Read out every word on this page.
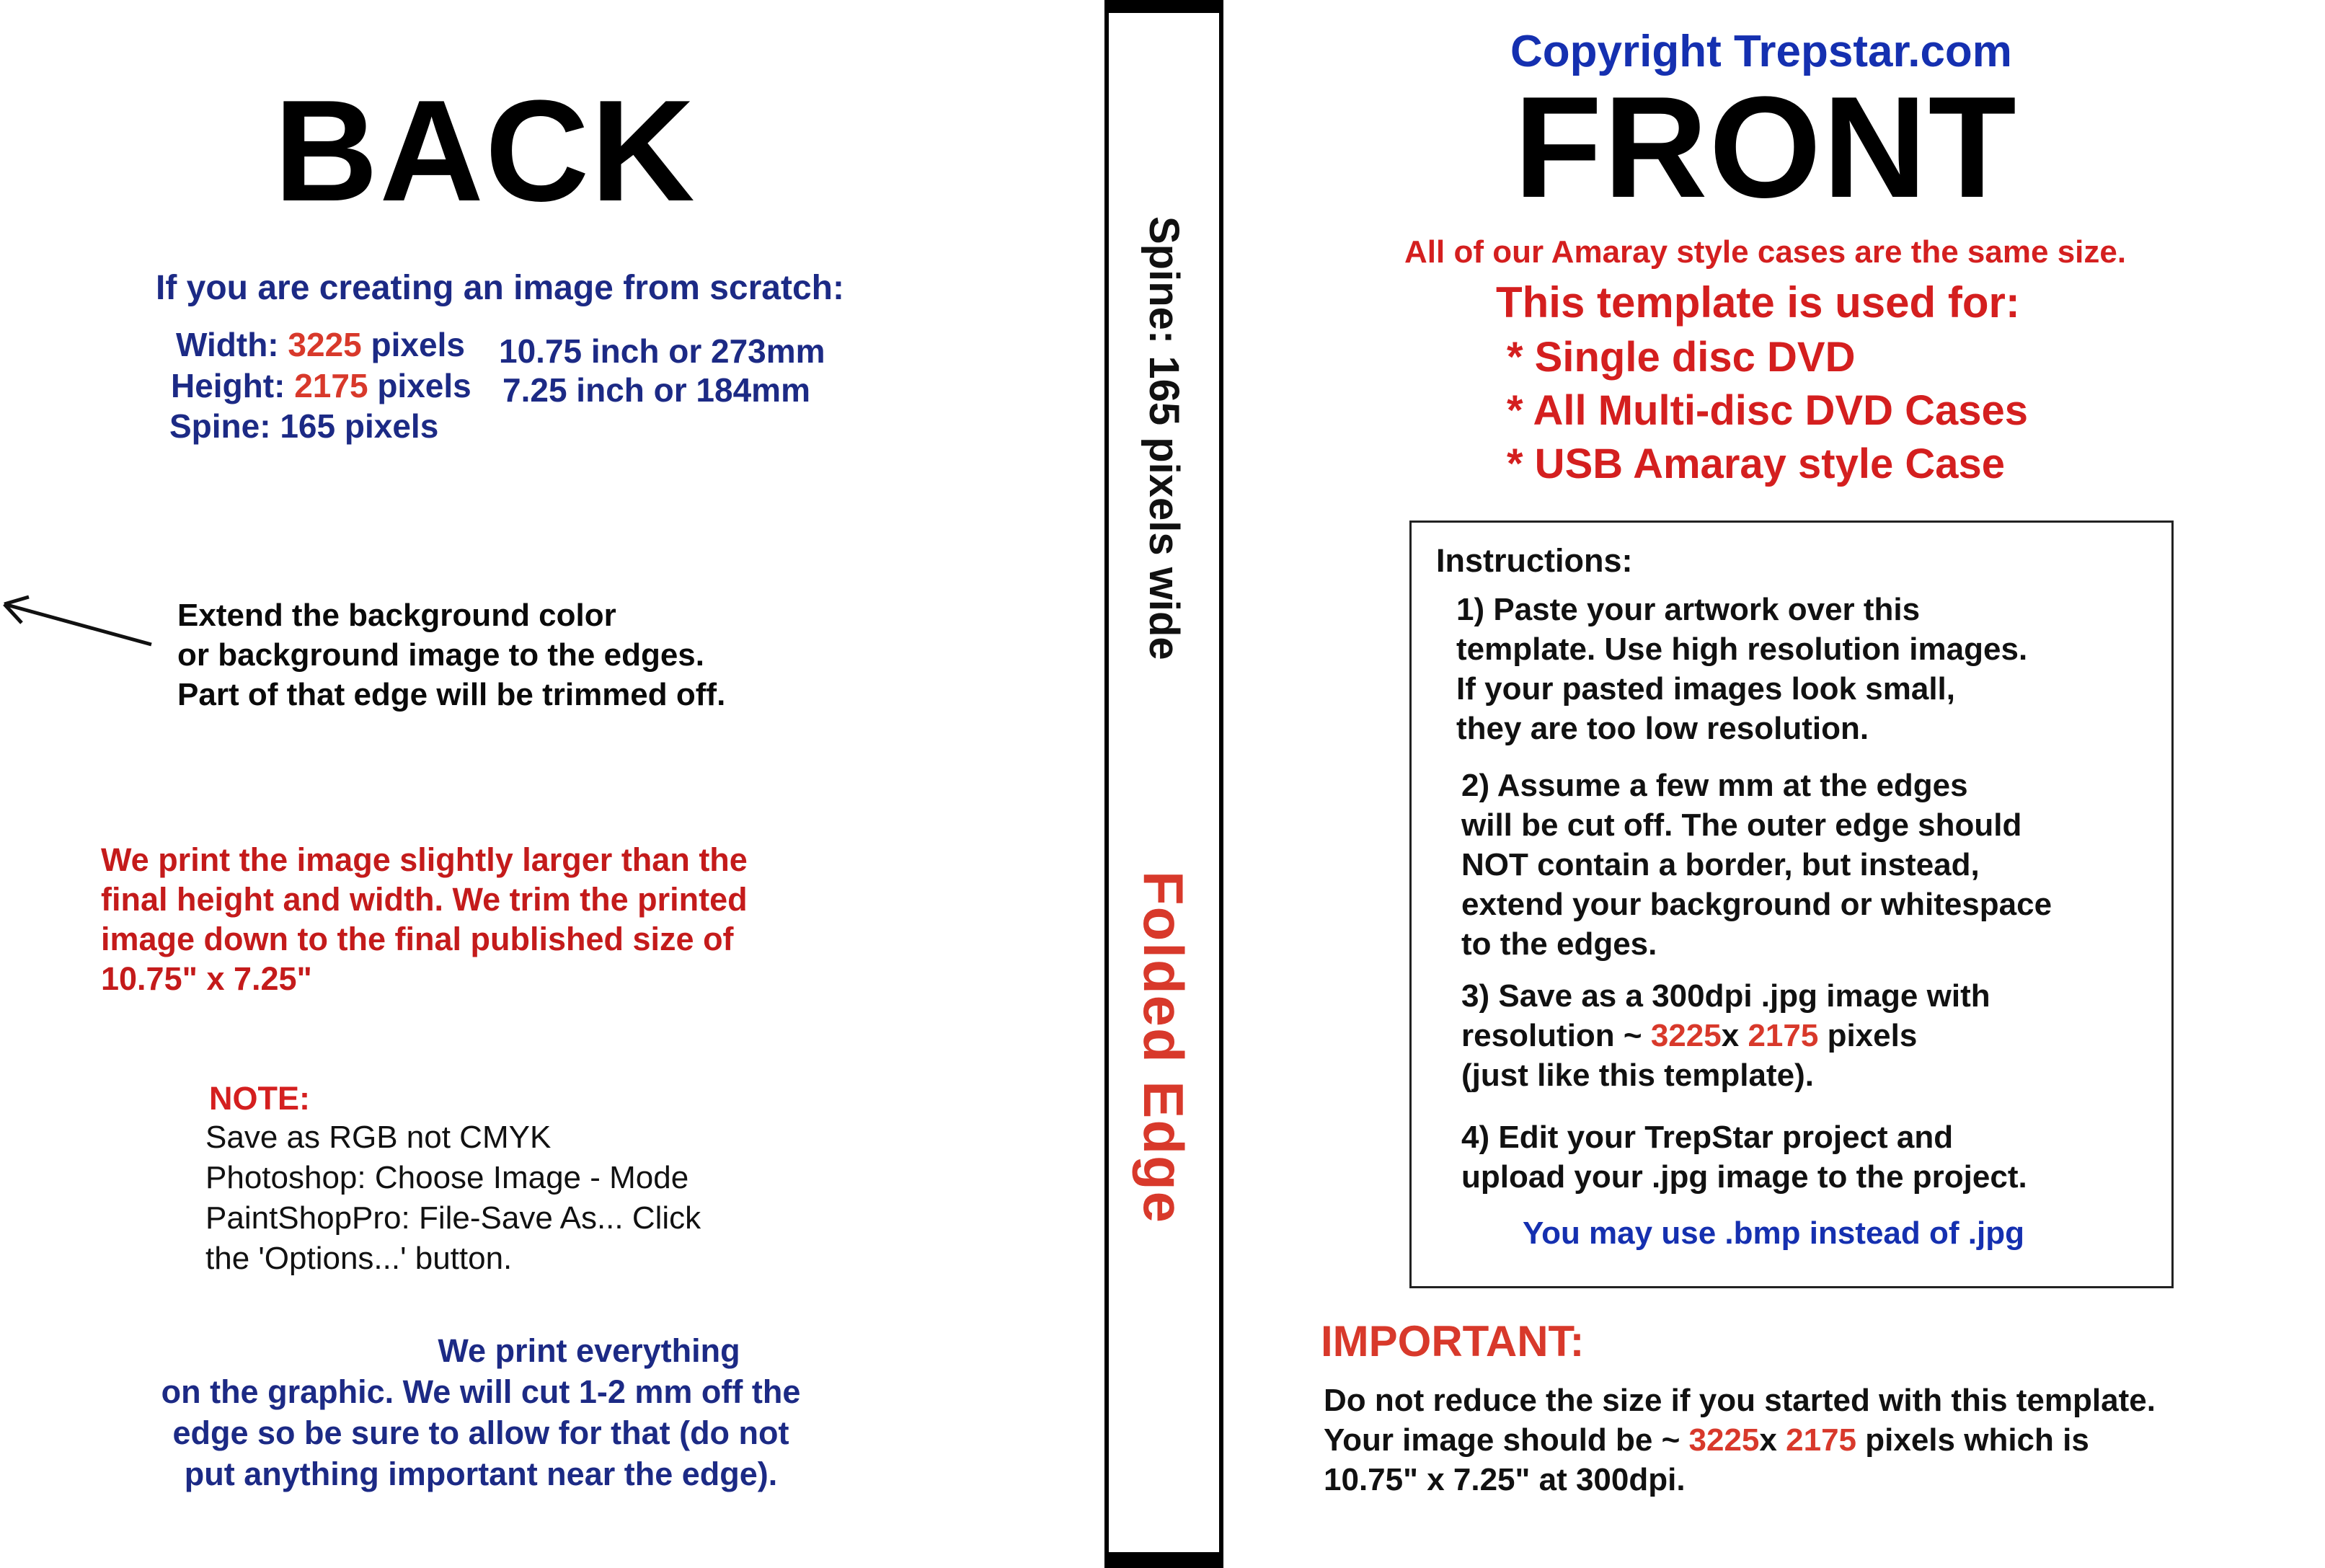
BACK
If you are creating an image from scratch:
Width: 3225 pixels 10.75 inch or 273mm
Height: 2175 pixels 7.25 inch or 184mm
Spine: 165 pixels
Extend the background color
or background image to the edges.
Part of that edge will be trimmed off.
We print the image slightly larger than the
final height and width. We trim the printed
image down to the final published size of
10.75" x 7.25"
NOTE:
Save as RGB not CMYK
Photoshop: Choose Image - Mode
PaintShopPro: File-Save As... Click
the 'Options...' button.
We print everything
on the graphic. We will cut 1-2 mm off the
edge so be sure to allow for that (do not
put anything important near the edge).
Spine: 165 pixels wide
Folded Edge
Copyright Trepstar.com
FRONT
All of our Amaray style cases are the same size.
This template is used for:
* Single disc DVD
* All Multi-disc DVD Cases
* USB Amaray style Case
Instructions:
1) Paste your artwork over this
template. Use high resolution images.
If your pasted images look small,
they are too low resolution.
2) Assume a few mm at the edges
will be cut off. The outer edge should
NOT contain a border, but instead,
extend your background or whitespace
to the edges.
3) Save as a 300dpi .jpg image with
resolution ~ 3225x 2175 pixels
(just like this template).
4) Edit your TrepStar project and
upload your .jpg image to the project.
You may use .bmp instead of .jpg
IMPORTANT:
Do not reduce the size if you started with this template.
Your image should be ~ 3225x 2175 pixels which is
10.75" x 7.25" at 300dpi.
